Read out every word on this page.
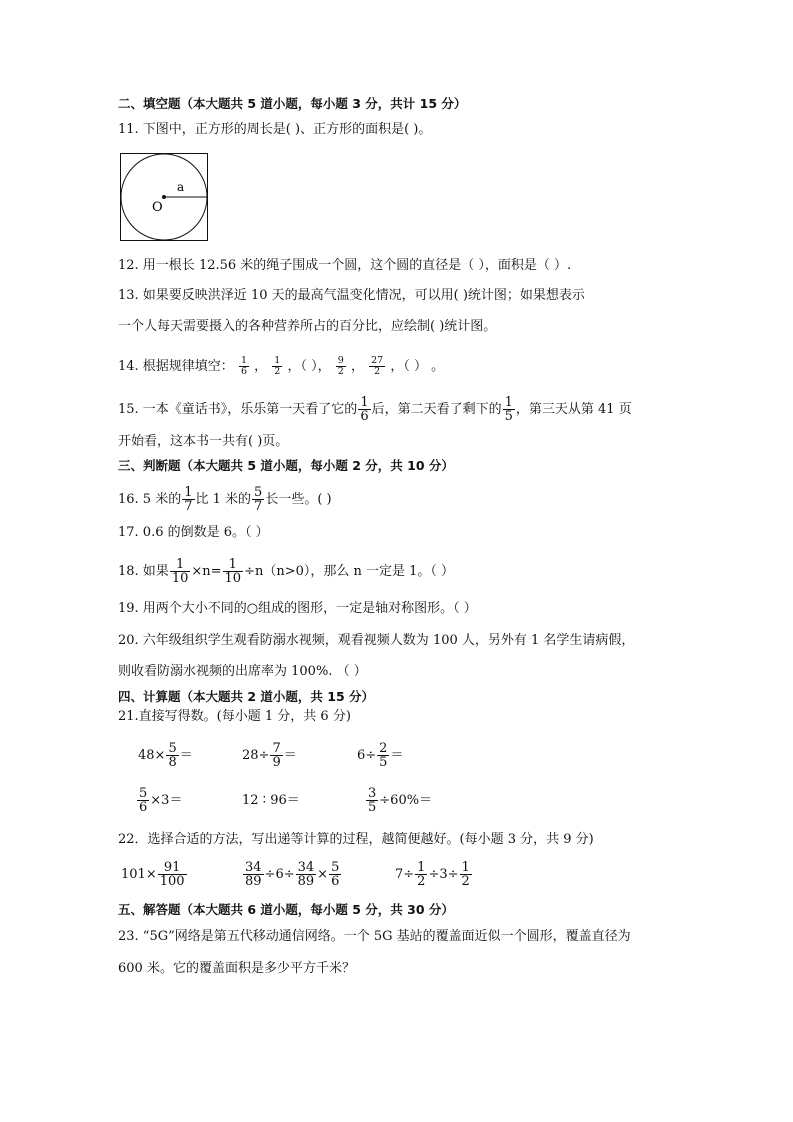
二、填空题（本大题共 5 道小题，每小题 3 分，共计 15 分）
11. 下图中，正方形的周长是( )、正方形的面积是( )。
a
O
12. 用一根长 12.56 米的绳子围成一个圆，这个圆的直径是（ ），面积是（ ）.
13. 如果要反映洪泽近 10 天的最高气温变化情况，可以用( )统计图；如果想表示
一个人每天需要摄入的各种营养所占的百分比，应绘制( )统计图。
14. 根据规律填空： $\frac{1}{6}$ ， $\frac{1}{2}$ ，（ ）， $\frac{9}{2}$ ， $\frac{27}{2}$ ，（ ） 。
15. 一本《童话书》，乐乐第一天看了它的 $\frac{1}{6}$ 后，第二天看了剩下的 $\frac{1}{5}$ ，第三天从第 41 页
开始看，这本书一共有( )页。
三、判断题（本大题共 5 道小题，每小题 2 分，共 10 分）
16. 5 米的 $\frac{1}{7}$ 比 1 米的 $\frac{5}{7}$ 长一些。( )
17. 0.6 的倒数是 6。（ ）
18. 如果 $\frac{1}{10} \times n= \frac{1}{10} \div n(n>0)$，那么 n 一定是 1。（ ）
19. 用两个大小不同的○组成的图形，一定是轴对称图形。（ ）
20. 六年级组织学生观看防溺水视频，观看视频人数为 100 人，另外有 1 名学生请病假，
则收看防溺水视频的出席率为 100%. （ ）
四、计算题（本大题共 2 道小题，共 15 分）
21.直接写得数。(每小题 1 分，共 6 分)
$48\times \frac{5}{8}$ ＝	$28\div \frac{7}{9}$ ＝	$6\div \frac{2}{5}$ ＝
$\frac{5}{6} \times 3=$	12 ∶ 96＝	$\frac{3}{5} \div 60\%=$
22．选择合适的方法，写出递等计算的过程，越简便越好。(每小题 3 分，共 9 分)
$101\times \frac{91}{100}$	$\frac{34}{89} \div 6\div \frac{34}{89} \times \frac{5}{6}$	$7\div \frac{1}{2} \div 3\div \frac{1}{2}$
五、解答题（本大题共 6 道小题，每小题 5 分，共 30 分）
23. “5G”网络是第五代移动通信网络。一个 5G 基站的覆盖面近似一个圆形，覆盖直径为
600 米。它的覆盖面积是多少平方千米？
